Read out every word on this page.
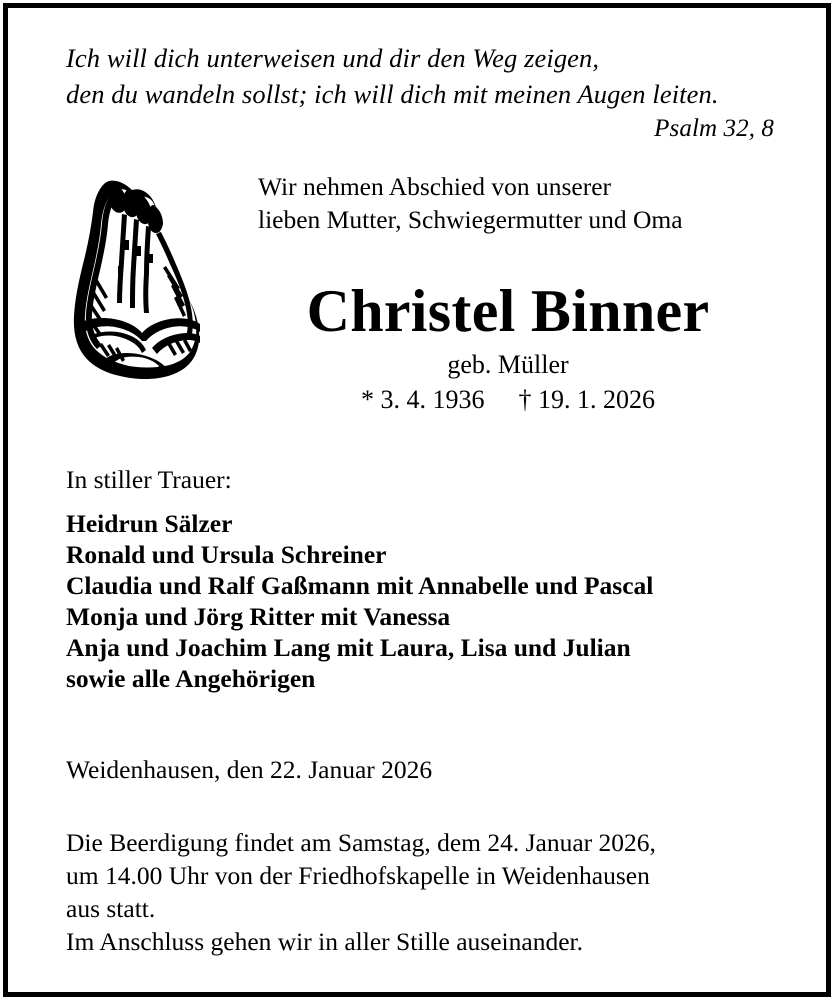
Ich will dich unterweisen und dir den Weg zeigen,
den du wandeln sollst; ich will dich mit meinen Augen leiten.
Psalm 32, 8
Wir nehmen Abschied von unserer
lieben Mutter, Schwiegermutter und Oma
Christel Binner
geb. Müller
* 3. 4. 1936 † 19. 1. 2026
In stiller Trauer:
Heidrun Sälzer
Ronald und Ursula Schreiner
Claudia und Ralf Gaßmann mit Annabelle und Pascal
Monja und Jörg Ritter mit Vanessa
Anja und Joachim Lang mit Laura, Lisa und Julian
sowie alle Angehörigen
Weidenhausen, den 22. Januar 2026
Die Beerdigung findet am Samstag, dem 24. Januar 2026,
um 14.00 Uhr von der Friedhofskapelle in Weidenhausen
aus statt.
Im Anschluss gehen wir in aller Stille auseinander.
